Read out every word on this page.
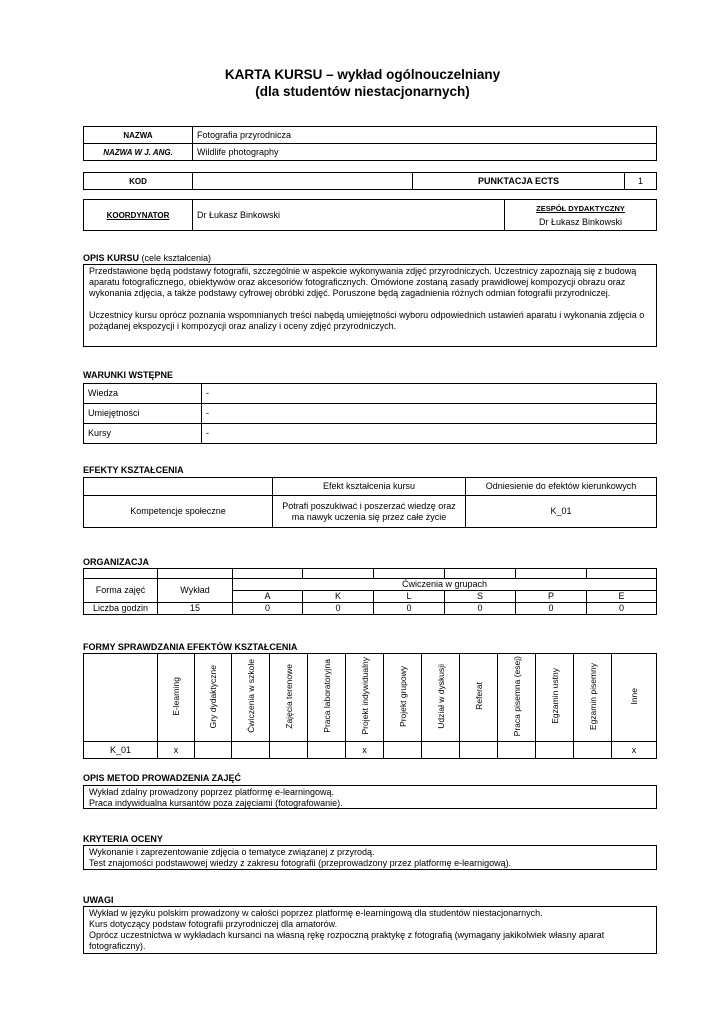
KARTA KURSU – wykład ogólnouczelniany
(dla studentów niestacjonarnych)
NAZWA	Fotografia przyrodnicza
NAZWA W J. ANG.	Wildlife photography
KOD		PUNKTACJA ECTS	1
KOORDYNATOR	Dr Łukasz Binkowski	
ZESPÓŁ DYDAKTYCZNY
Dr Łukasz Binkowski
OPIS KURSU (cele kształcenia)

Przedstawione będą podstawy fotografii, szczególnie w aspekcie wykonywania zdjęć przyrodniczych. Uczestnicy zapoznają się z budową aparatu fotograficznego, obiektywów oraz akcesoriów fotograficznych. Omówione zostaną zasady prawidłowej kompozycji obrazu oraz wykonania zdjęcia, a także podstawy cyfrowej obróbki zdjęć. Poruszone będą zagadnienia różnych odmian fotografii przyrodniczej.

Uczestnicy kursu oprócz poznania wspomnianych treści nabędą umiejętności wyboru odpowiednich ustawień aparatu i wykonania zdjęcia o pożądanej ekspozycji i kompozycji oraz analizy i oceny zdjęć przyrodniczych.

WARUNKI WSTĘPNE
Wiedza	-
Umiejętności	-
Kursy	-
EFEKTY KSZTAŁCENIA
	Efekt kształcenia kursu	Odniesienie do efektów kierunkowych
Kompetencje społeczne	Potrafi poszukiwać i poszerzać wiedzę oraz ma nawyk uczenia się przez całe życie	K_01
ORGANIZACJA

Forma zajęć	Wykład	Ćwiczenia w grupach					
		A	K	L	S	P	E
Liczba godzin	15	0	0	0	0	0	0
FORMY SPRAWDZANIA EFEKTÓW KSZTAŁCENIA
	E-learning	Gry dydaktyczne	Ćwiczenia w szkole	Zajęcia terenowe	Praca laboratoryjna	Projekt indywidualny	Projekt grupowy	Udział w dyskusji	Referat	Praca pisemna (esej)	Egzamin ustny	Egzamin pisemny	Inne
K_01	x					x							x
OPIS METOD PROWADZENIA ZAJĘĆ
Wykład zdalny prowadzony poprzez platformę e-learningową.
Praca indywidualna kursantów poza zajęciami (fotografowanie).
KRYTERIA OCENY
Wykonanie i zaprezentowanie zdjęcia o tematyce związanej z przyrodą.
Test znajomości podstawowej wiedzy z zakresu fotografii (przeprowadzony przez platformę e-learnigową).
UWAGI
Wykład w języku polskim prowadzony w całości poprzez platformę e-learningową dla studentów niestacjonarnych.
Kurs dotyczący podstaw fotografii przyrodniczej dla amatorów.
Oprócz uczestnictwa w wykładach kursanci na własną rękę rozpoczną praktykę z fotografią (wymagany jakikolwiek własny aparat fotograficzny).
